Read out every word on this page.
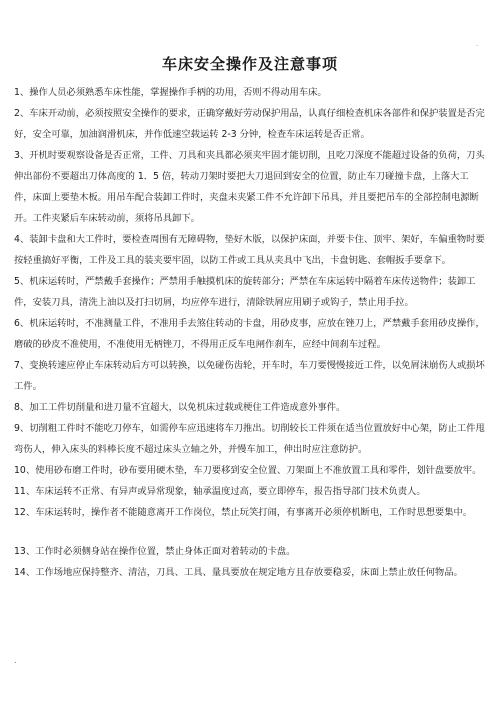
·
车床安全操作及注意事项

1、操作人员必须熟悉车床性能，掌握操作手柄的功用，否则不得动用车床。

2、车床开动前，必须按照安全操作的要求，正确穿戴好劳动保护用品，认真仔细检查机床各部件和保护装置是否完好，安全可靠，加油润滑机床，并作低速空载运转 2-3 分钟，检查车床运转是否正常。

3、开机时要观察设备是否正常，工件、刀具和夹具都必须夹牢固才能切削，且吃刀深度不能超过设备的负荷，刀头伸出部份不要超出刀体高度的 1．5 倍，转动刀架时要把大刀退回到安全的位置，防止车刀碰撞卡盘，上落大工件，床面上要垫木板。用吊车配合装卸工件时，夹盘未夹紧工件不允许卸下吊具，并且要把吊车的全部控制电源断开。工件夹紧后车床转动前，须将吊具卸下。

4、装卸卡盘和大工件时，要检查周围有无障碍物，垫好木版，以保护床面，并要卡住、顶牢、架好，车偏重物时要按轻重搞好平衡，工件及工具的装夹要牢固，以防工件或工具从夹具中飞出，卡盘钥匙、套帽扳手要拿下。

5、机床运转时，严禁戴手套操作；严禁用手触摸机床的旋转部分；严禁在车床运转中隔着车床传送物件；装卸工件，安装刀具，清洗上油以及打扫切屑，均应停车进行，清除铁屑应用刷子或钩子，禁止用手拉。

6、机床运转时，不准测量工件，不准用手去煞住转动的卡盘，用砂皮事，应放在锉刀上，严禁戴手套用砂皮操作，磨破的砂皮不准使用，不准使用无柄锉刀，不得用正反车电闸作刹车，应经中间刹车过程。

7、变换转速应停止车床转动后方可以转换，以免碰伤齿轮，开车时，车刀要慢慢接近工件，以免屑沫崩伤人或损坏工件。

8、加工工件切削量和进刀量不宜超大，以免机床过载或梗住工件造成意外事件。

9、切削粗工件时不能吃刀停车，如需停车应迅速将车刀推出。切削较长工件须在适当位置放好中心架，防止工件甩弯伤人，伸入床头的料棒长度不超过床头立轴之外，并慢车加工，伸出时应注意防护。

10、使用砂布磨工件时，砂布要用硬木垫，车刀要移到安全位置、刀架面上不准放置工具和零件，划针盘要放牢。

11、车床运转不正常、有异声或异常现象，轴承温度过高，要立即停车，报告指导部门技术负责人。

12、车床运转时，操作者不能随意离开工作岗位，禁止玩笑打闹，有事离开必须停机断电，工作时思想要集中。

13、工作时必须侧身站在操作位置，禁止身体正面对着转动的卡盘。

14、工作场地应保持整齐、清洁，刀具、工具、量具要放在规定地方且存放要稳妥，床面上禁止放任何物品。

.
